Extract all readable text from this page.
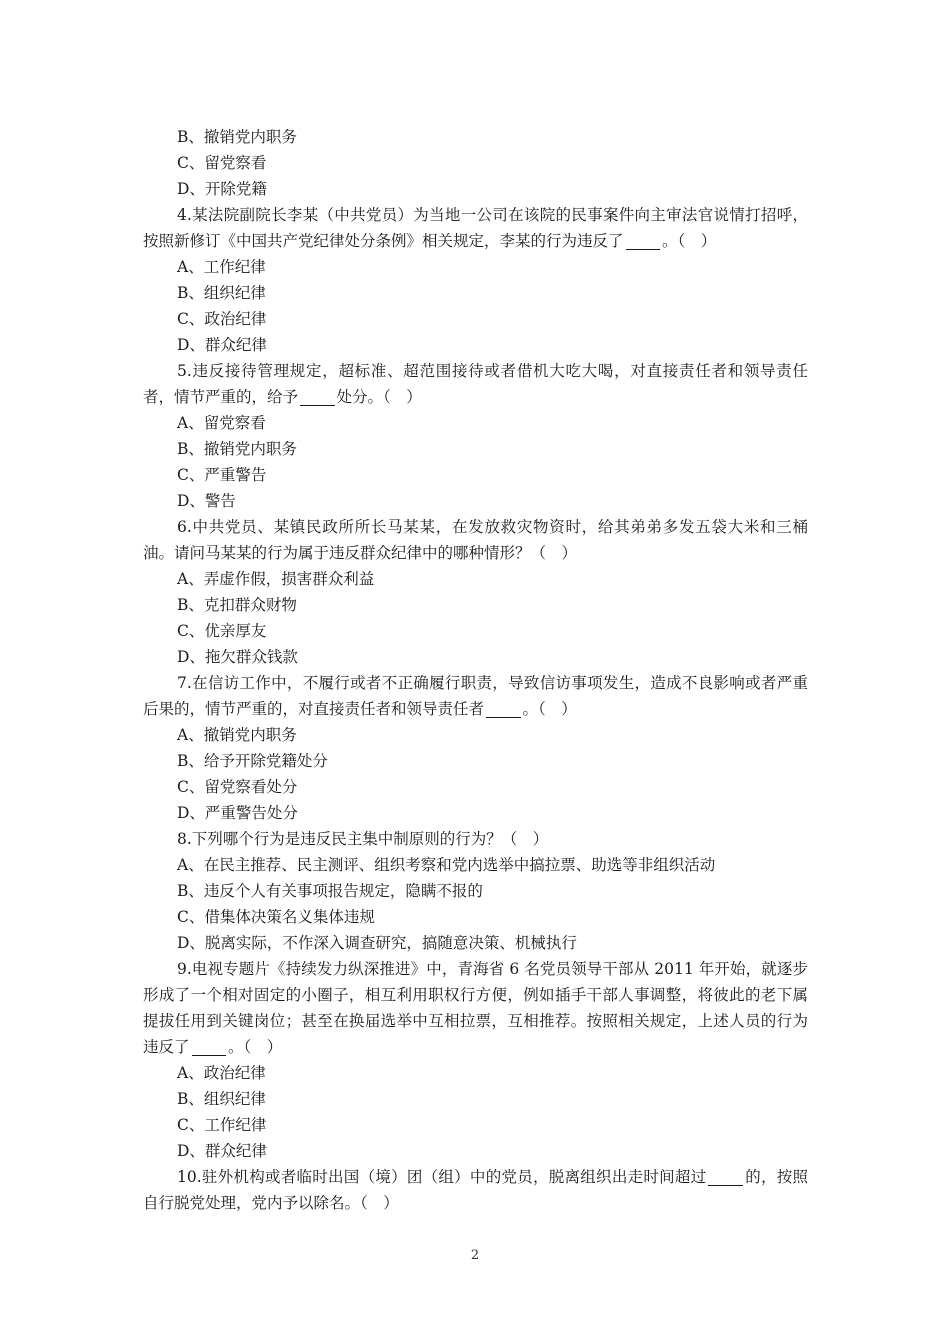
B、撤销党内职务
C、留党察看
D、开除党籍
4.某法院副院长李某（中共党员）为当地一公司在该院的民事案件向主审法官说情打招呼，按照新修订《中国共产党纪律处分条例》相关规定，李某的行为违反了 。（　）
A、工作纪律
B、组织纪律
C、政治纪律
D、群众纪律
5.违反接待管理规定，超标准、超范围接待或者借机大吃大喝，对直接责任者和领导责任者，情节严重的，给予 处分。（　）
A、留党察看
B、撤销党内职务
C、严重警告
D、警告
6.中共党员、某镇民政所所长马某某，在发放救灾物资时，给其弟弟多发五袋大米和三桶油。请问马某某的行为属于违反群众纪律中的哪种情形？（　）
A、弄虚作假，损害群众利益
B、克扣群众财物
C、优亲厚友
D、拖欠群众钱款
7.在信访工作中，不履行或者不正确履行职责，导致信访事项发生，造成不良影响或者严重后果的，情节严重的，对直接责任者和领导责任者 。（　）
A、撤销党内职务
B、给予开除党籍处分
C、留党察看处分
D、严重警告处分
8.下列哪个行为是违反民主集中制原则的行为？（　）
A、在民主推荐、民主测评、组织考察和党内选举中搞拉票、助选等非组织活动
B、违反个人有关事项报告规定，隐瞒不报的
C、借集体决策名义集体违规
D、脱离实际，不作深入调查研究，搞随意决策、机械执行
9.电视专题片《持续发力纵深推进》中，青海省 6 名党员领导干部从 2011 年开始，就逐步形成了一个相对固定的小圈子，相互利用职权行方便，例如插手干部人事调整，将彼此的老下属提拔任用到关键岗位；甚至在换届选举中互相拉票，互相推荐。按照相关规定，上述人员的行为违反了 。（　）
A、政治纪律
B、组织纪律
C、工作纪律
D、群众纪律
10.驻外机构或者临时出国（境）团（组）中的党员，脱离组织出走时间超过 的，按照自行脱党处理，党内予以除名。（　）
2
